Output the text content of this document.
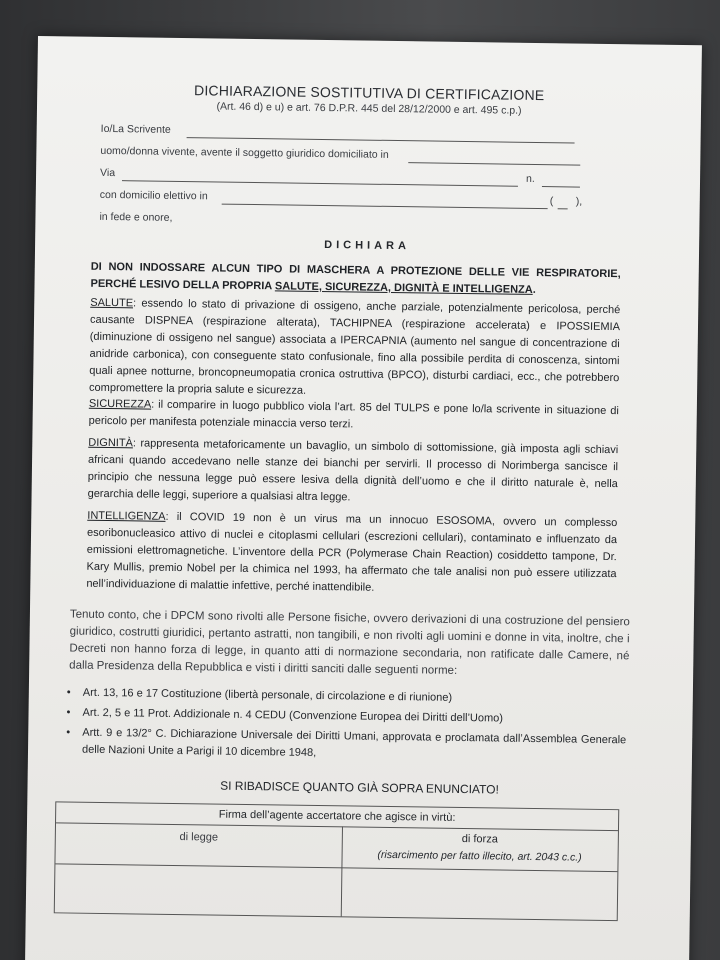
DICHIARAZIONE SOSTITUTIVA DI CERTIFICAZIONE
(Art. 46 d) e u) e art. 76 D.P.R. 445 del 28/12/2000 e art. 495 c.p.)
Io/La Scrivente
uomo/donna vivente, avente il soggetto giuridico domiciliato in
Via	n.
con domicilio elettivo in	( ),
in fede e onore,
DICHIARA
DI NON INDOSSARE ALCUN TIPO DI MASCHERA A PROTEZIONE DELLE VIE RESPIRATORIE, PERCHÉ LESIVO DELLA PROPRIA SALUTE, SICUREZZA, DIGNITÀ E INTELLIGENZA.
SALUTE: essendo lo stato di privazione di ossigeno, anche parziale, potenzialmente pericolosa, perché causante DISPNEA (respirazione alterata), TACHIPNEA (respirazione accelerata) e IPOSSIEMIA (diminuzione di ossigeno nel sangue) associata a IPERCAPNIA (aumento nel sangue di concentrazione di anidride carbonica), con conseguente stato confusionale, fino alla possibile perdita di conoscenza, sintomi quali apnee notturne, broncopneumopatia cronica ostruttiva (BPCO), disturbi cardiaci, ecc., che potrebbero compromettere la propria salute e sicurezza.
SICUREZZA: il comparire in luogo pubblico viola l’art. 85 del TULPS e pone lo/la scrivente in situazione di pericolo per manifesta potenziale minaccia verso terzi.
DIGNITÀ: rappresenta metaforicamente un bavaglio, un simbolo di sottomissione, già imposta agli schiavi africani quando accedevano nelle stanze dei bianchi per servirli. Il processo di Norimberga sancisce il principio che nessuna legge può essere lesiva della dignità dell’uomo e che il diritto naturale è, nella gerarchia delle leggi, superiore a qualsiasi altra legge.
INTELLIGENZA: il COVID 19 non è un virus ma un innocuo ESOSOMA, ovvero un complesso esoribonucleasico attivo di nuclei e citoplasmi cellulari (escrezioni cellulari), contaminato e influenzato da emissioni elettromagnetiche. L’inventore della PCR (Polymerase Chain Reaction) cosiddetto tampone, Dr. Kary Mullis, premio Nobel per la chimica nel 1993, ha affermato che tale analisi non può essere utilizzata nell’individuazione di malattie infettive, perché inattendibile.
Tenuto conto, che i DPCM sono rivolti alle Persone fisiche, ovvero derivazioni di una costruzione del pensiero giuridico, costrutti giuridici, pertanto astratti, non tangibili, e non rivolti agli uomini e donne in vita, inoltre, che i Decreti non hanno forza di legge, in quanto atti di normazione secondaria, non ratificate dalle Camere, né dalla Presidenza della Repubblica e visti i diritti sanciti dalle seguenti norme:
• Art. 13, 16 e 17 Costituzione (libertà personale, di circolazione e di riunione)
• Art. 2, 5 e 11 Prot. Addizionale n. 4 CEDU (Convenzione Europea dei Diritti dell’Uomo)
• Artt. 9 e 13/2° C. Dichiarazione Universale dei Diritti Umani, approvata e proclamata dall’Assemblea Generale delle Nazioni Unite a Parigi il 10 dicembre 1948,
SI RIBADISCE QUANTO GIÀ SOPRA ENUNCIATO!
Firma dell’agente accertatore che agisce in virtù:
di legge	di forza
(risarcimento per fatto illecito, art. 2043 c.c.)
